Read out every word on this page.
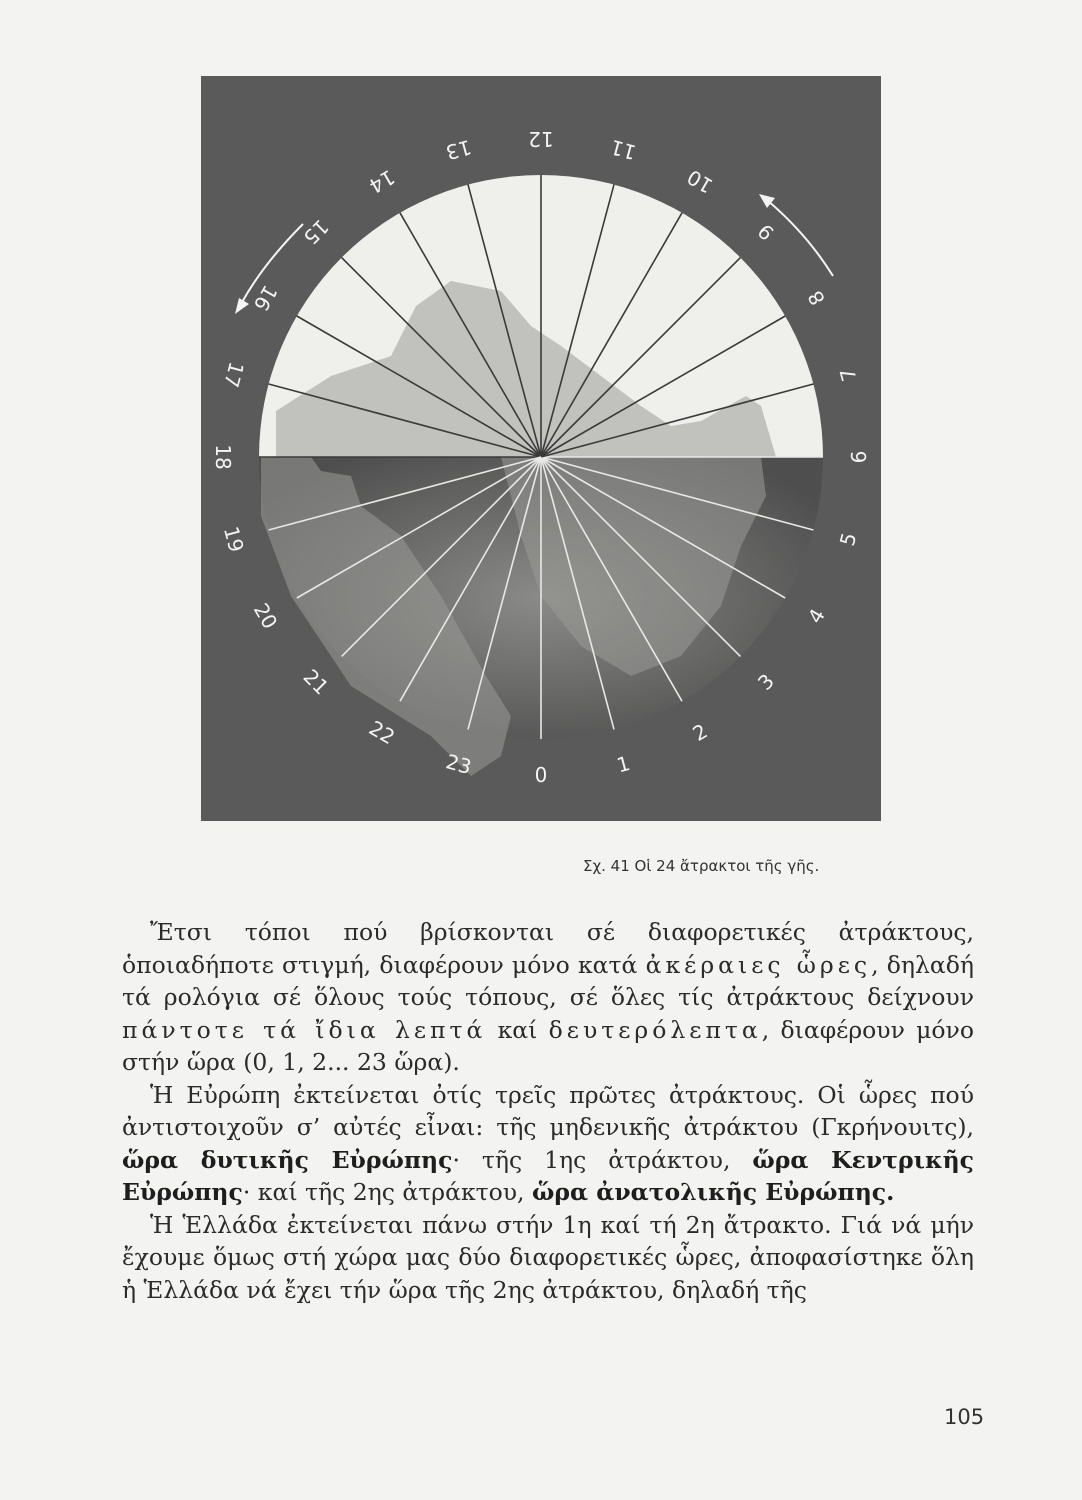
0	1
2
3
4
5
6
7
8
9
10
11
12
13
14
15
16
17
18
19
20
21
22
23
Σχ. 41 Οἱ 24 ἄτρακτοι τῆς γῆς.

Ἔτσι τόποι πού βρίσκονται σέ διαφορετικές ἀτράκτους, ὁποιαδήποτε στιγμή, διαφέρουν μόνο κατά ἀκέραιες ὧρες, δηλαδή τά ρολόγια σέ ὅλους τούς τόπους, σέ ὅλες τίς ἀτράκτους δείχνουν πάντοτε τά ἴδια λεπτά καί δευτερόλεπτα, διαφέρουν μόνο στήν ὥρα (0, 1, 2... 23 ὥρα).

Ἡ Εὐρώπη ἐκτείνεται ὀτίς τρεῖς πρῶτες ἀτράκτους. Οἱ ὧρες πού ἀντιστοιχοῦν σ’ αὐτές εἶναι: τῆς μηδενικῆς ἀτράκτου (Γκρήνουιτς), ὥρα δυτικῆς Εὐρώπης· τῆς 1ης ἀτράκτου, ὥρα Κεντρικῆς Εὐρώπης· καί τῆς 2ης ἀτράκτου, ὥρα ἀνατολικῆς Εὐρώπης.

Ἡ Ἑλλάδα ἐκτείνεται πάνω στήν 1η καί τή 2η ἄτρακτο. Γιά νά μήν ἔχουμε ὅμως στή χώρα μας δύο διαφορετικές ὧρες, ἀποφασίστηκε ὅλη ἡ Ἑλλάδα νά ἔχει τήν ὥρα τῆς 2ης ἀτράκτου, δηλαδή τῆς

105
